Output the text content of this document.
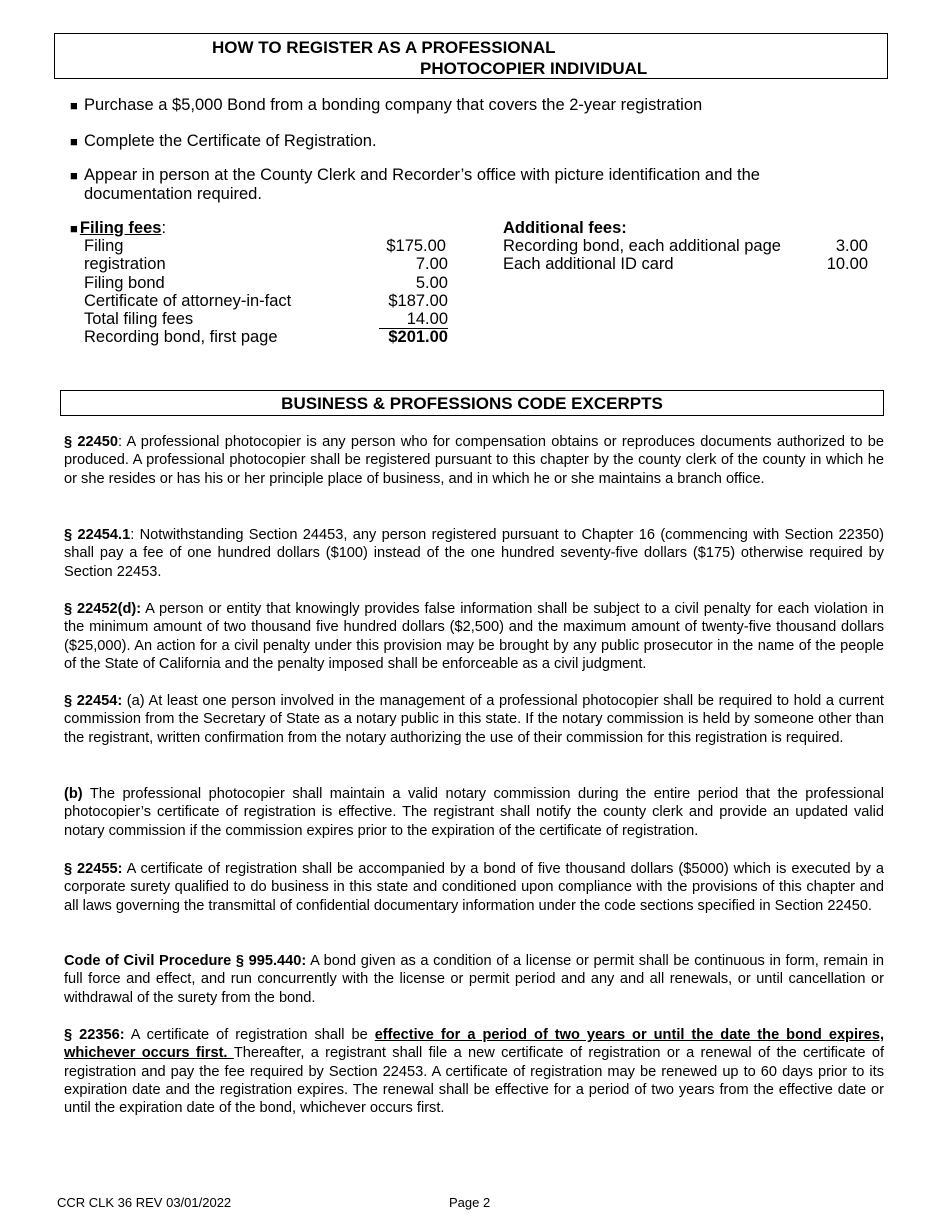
HOW TO REGISTER AS A PROFESSIONAL
PHOTOCOPIER INDIVIDUAL
■ Purchase a $5,000 Bond from a bonding company that covers the 2-year registration
■ Complete the Certificate of Registration.
■ Appear in person at the County Clerk and Recorder’s office with picture identification and the documentation required.
■ Filing fees:
Filing	$175.00
registration	7.00
Filing bond	5.00
Certificate of attorney-in-fact	$187.00
Total filing fees	14.00
Recording bond, first page	$201.00
Additional fees:
Recording bond, each additional page	3.00
Each additional ID card	10.00
BUSINESS & PROFESSIONS CODE EXCERPTS
§ 22450: A professional photocopier is any person who for compensation obtains or reproduces documents authorized to be produced. A professional photocopier shall be registered pursuant to this chapter by the county clerk of the county in which he or she resides or has his or her principle place of business, and in which he or she maintains a branch office.
§ 22454.1: Notwithstanding Section 24453, any person registered pursuant to Chapter 16 (commencing with Section 22350) shall pay a fee of one hundred dollars ($100) instead of the one hundred seventy-five dollars ($175) otherwise required by Section 22453.
§ 22452(d): A person or entity that knowingly provides false information shall be subject to a civil penalty for each violation in the minimum amount of two thousand five hundred dollars ($2,500) and the maximum amount of twenty-five thousand dollars ($25,000). An action for a civil penalty under this provision may be brought by any public prosecutor in the name of the people of the State of California and the penalty imposed shall be enforceable as a civil judgment.
§ 22454: (a) At least one person involved in the management of a professional photocopier shall be required to hold a current commission from the Secretary of State as a notary public in this state. If the notary commission is held by someone other than the registrant, written confirmation from the notary authorizing the use of their commission for this registration is required.
(b) The professional photocopier shall maintain a valid notary commission during the entire period that the professional photocopier’s certificate of registration is effective. The registrant shall notify the county clerk and provide an updated valid notary commission if the commission expires prior to the expiration of the certificate of registration.
§ 22455: A certificate of registration shall be accompanied by a bond of five thousand dollars ($5000) which is executed by a corporate surety qualified to do business in this state and conditioned upon compliance with the provisions of this chapter and all laws governing the transmittal of confidential documentary information under the code sections specified in Section 22450.
Code of Civil Procedure § 995.440: A bond given as a condition of a license or permit shall be continuous in form, remain in full force and effect, and run concurrently with the license or permit period and any and all renewals, or until cancellation or withdrawal of the surety from the bond.
§ 22356: A certificate of registration shall be effective for a period of two years or until the date the bond expires, whichever occurs first. Thereafter, a registrant shall file a new certificate of registration or a renewal of the certificate of registration and pay the fee required by Section 22453. A certificate of registration may be renewed up to 60 days prior to its expiration date and the registration expires. The renewal shall be effective for a period of two years from the effective date or until the expiration date of the bond, whichever occurs first.
CCR CLK 36 REV 03/01/2022	Page 2
